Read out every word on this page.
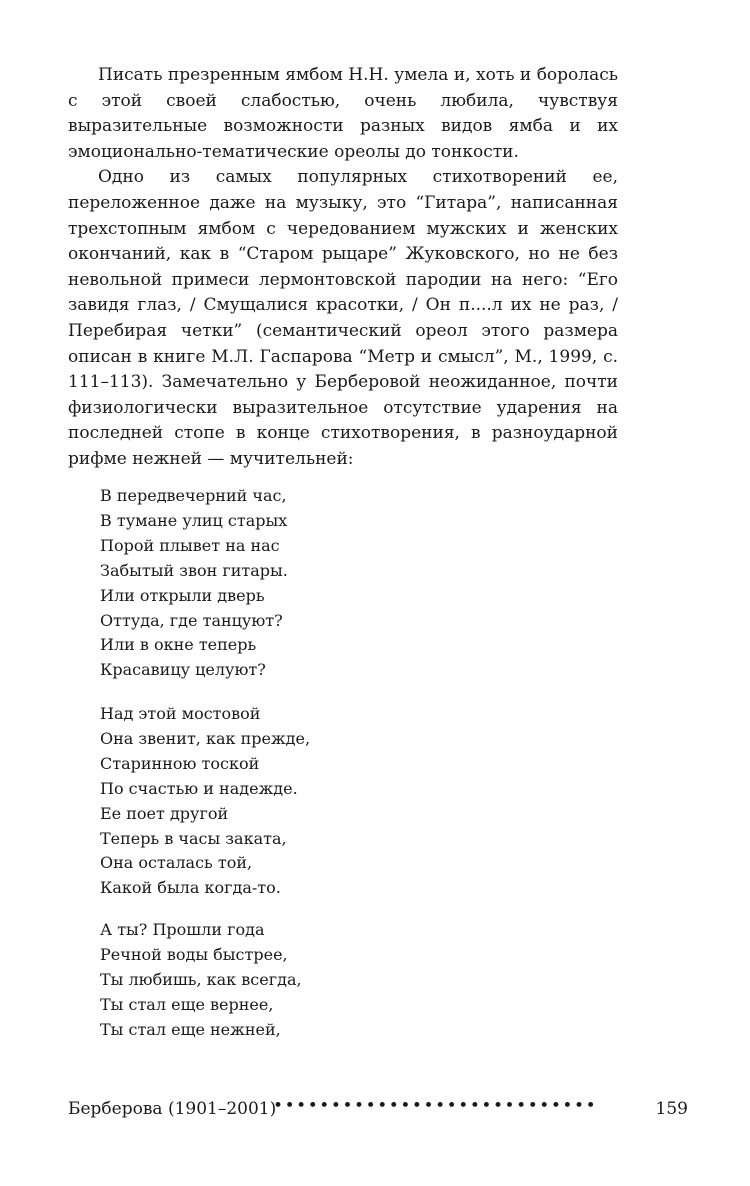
Писать презренным ямбом Н.Н. умела и, хоть и боролась с этой своей слабостью, очень любила, чувствуя выразительные возможности разных видов ямба и их эмоционально-тематические ореолы до тонкости.

Одно из самых популярных стихотворений ее, переложенное даже на музыку, это “Гитара”, написанная трехстопным ямбом с чередованием мужских и женских окончаний, как в “Старом рыцаре” Жуковского, но не без невольной примеси лермонтовской пародии на него: “Его завидя глаз, / Смущалися красотки, / Он п....л их не раз, / Перебирая четки” (семантический ореол этого размера описан в книге М.Л. Гаспарова “Метр и смысл”, М., 1999, с. 111–113). Замечательно у Берберовой неожиданное, почти физиологически выразительное отсутствие ударения на последней стопе в конце стихотворения, в разноударной рифме нежней — мучительней:

В передвечерний час,
В тумане улиц старых
Порой плывет на нас
Забытый звон гитары.
Или открыли дверь
Оттуда, где танцуют?
Или в окне теперь
Красавицу целуют?
Над этой мостовой
Она звенит, как прежде,
Старинною тоской
По счастью и надежде.
Ее поет другой
Теперь в часы заката,
Она осталась той,
Какой была когда-то.
А ты? Прошли года
Речной воды быстрее,
Ты любишь, как всегда,
Ты стал еще вернее,
Ты стал еще нежней,
Берберова (1901–2001)
••••••••••••••••••••••••••••	159
